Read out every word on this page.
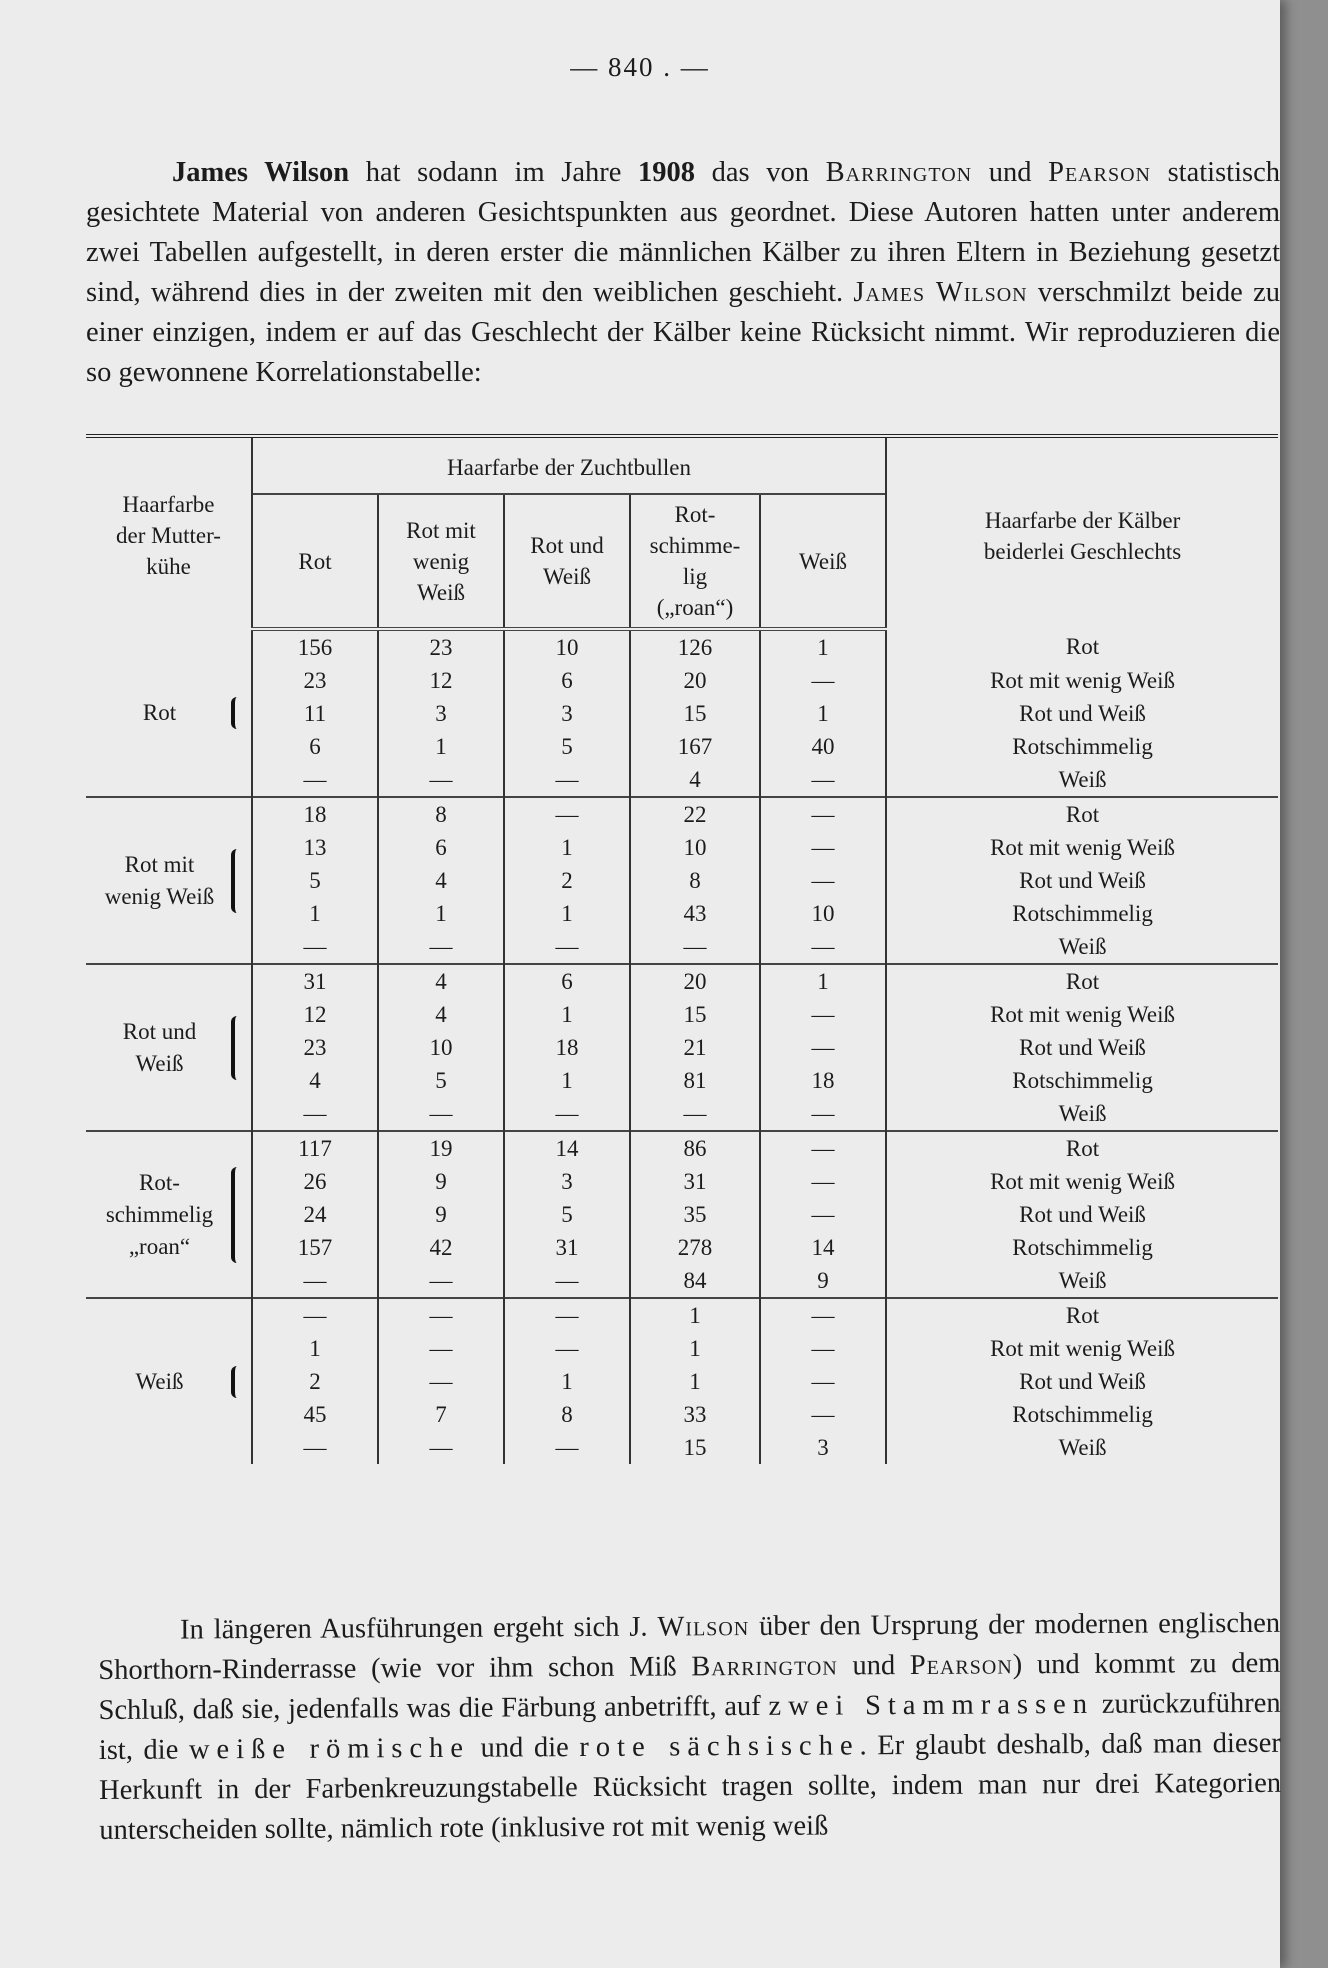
— 840 . —

James Wilson hat sodann im Jahre 1908 das von Barrington und Pearson statistisch gesichtete Material von anderen Gesichtspunkten aus geordnet. Diese Autoren hatten unter anderem zwei Tabellen aufgestellt, in deren erster die männlichen Kälber zu ihren Eltern in Beziehung gesetzt sind, während dies in der zweiten mit den weiblichen geschieht. James Wilson verschmilzt beide zu einer einzigen, indem er auf das Geschlecht der Kälber keine Rücksicht nimmt. Wir reproduzieren die so gewonnene Korrelationstabelle:

Haarfarbe der Mutter- kühe	Haarfarbe der Zuchtbullen					Haarfarbe der Kälber beiderlei Geschlechts

	Rot	Rot mit wenig Weiß	Rot und Weiß	Rot- schimme- lig („roan“)	Weiß	

Rot	156	23	10	126	1	Rot
	23	12	6	20	—	Rot mit wenig Weiß
	11	3	3	15	1	Rot und Weiß
	6	1	5	167	40	Rotschimmelig
	—	—	—	4	—	Weiß

Rot mit wenig Weiß	18	8	—	22	—	Rot
	13	6	1	10	—	Rot mit wenig Weiß
	5	4	2	8	—	Rot und Weiß
	1	1	1	43	10	Rotschimmelig
	—	—	—	—	—	Weiß

Rot und Weiß	31	4	6	20	1	Rot
	12	4	1	15	—	Rot mit wenig Weiß
	23	10	18	21	—	Rot und Weiß
	4	5	1	81	18	Rotschimmelig
	—	—	—	—	—	Weiß

Rot- schimmelig „roan“	117	19	14	86	—	Rot
	26	9	3	31	—	Rot mit wenig Weiß
	24	9	5	35	—	Rot und Weiß
	157	42	31	278	14	Rotschimmelig
	—	—	—	84	9	Weiß

Weiß	—	—	—	1	—	Rot
	1	—	—	1	—	Rot mit wenig Weiß
	2	—	1	1	—	Rot und Weiß
	45	7	8	33	—	Rotschimmelig
	—	—	—	15	3	Weiß

In längeren Ausführungen ergeht sich J. Wilson über den Ursprung der modernen englischen Shorthorn-Rinderrasse (wie vor ihm schon Miß Barrington und Pearson) und kommt zu dem Schluß, daß sie, jedenfalls was die Färbung anbetrifft, auf zwei Stammrassen zurückzuführen ist, die weiße römische und die rote sächsische. Er glaubt deshalb, daß man dieser Herkunft in der Farbenkreuzungstabelle Rücksicht tragen sollte, indem man nur drei Kategorien unterscheiden sollte, nämlich rote (inklusive rot mit wenig weiß
